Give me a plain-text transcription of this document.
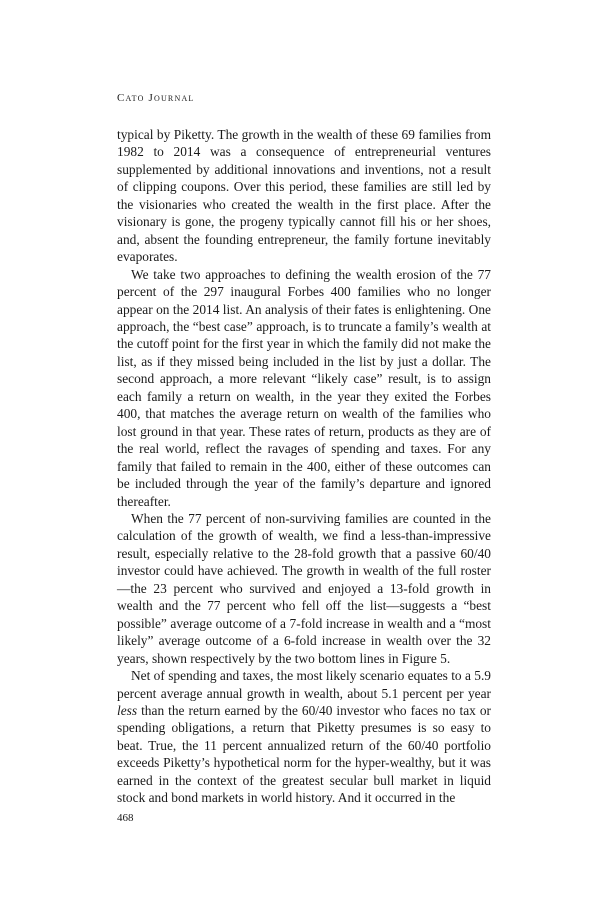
Cato Journal

typical by Piketty. The growth in the wealth of these 69 families from 1982 to 2014 was a consequence of entrepreneurial ventures supplemented by additional innovations and inventions, not a result of clipping coupons. Over this period, these families are still led by the visionaries who created the wealth in the first place. After the visionary is gone, the progeny typically cannot fill his or her shoes, and, absent the founding entrepreneur, the family fortune inevitably evaporates.

We take two approaches to defining the wealth erosion of the 77 percent of the 297 inaugural Forbes 400 families who no longer appear on the 2014 list. An analysis of their fates is enlightening. One approach, the “best case” approach, is to truncate a family’s wealth at the cutoff point for the first year in which the family did not make the list, as if they missed being included in the list by just a dollar. The second approach, a more relevant “likely case” result, is to assign each family a return on wealth, in the year they exited the Forbes 400, that matches the average return on wealth of the families who lost ground in that year. These rates of return, products as they are of the real world, reflect the ravages of spending and taxes. For any family that failed to remain in the 400, either of these outcomes can be included through the year of the family’s departure and ignored thereafter.

When the 77 percent of non-surviving families are counted in the calculation of the growth of wealth, we find a less-than-impressive result, especially relative to the 28-fold growth that a passive 60/40 investor could have achieved. The growth in wealth of the full roster—the 23 percent who survived and enjoyed a 13-fold growth in wealth and the 77 percent who fell off the list—suggests a “best possible” average outcome of a 7-fold increase in wealth and a “most likely” average outcome of a 6-fold increase in wealth over the 32 years, shown respectively by the two bottom lines in Figure 5.

Net of spending and taxes, the most likely scenario equates to a 5.9 percent average annual growth in wealth, about 5.1 percent per year less than the return earned by the 60/40 investor who faces no tax or spending obligations, a return that Piketty presumes is so easy to beat. True, the 11 percent annualized return of the 60/40 portfolio exceeds Piketty’s hypothetical norm for the hyper-wealthy, but it was earned in the context of the greatest secular bull market in liquid stock and bond markets in world history. And it occurred in the

468
